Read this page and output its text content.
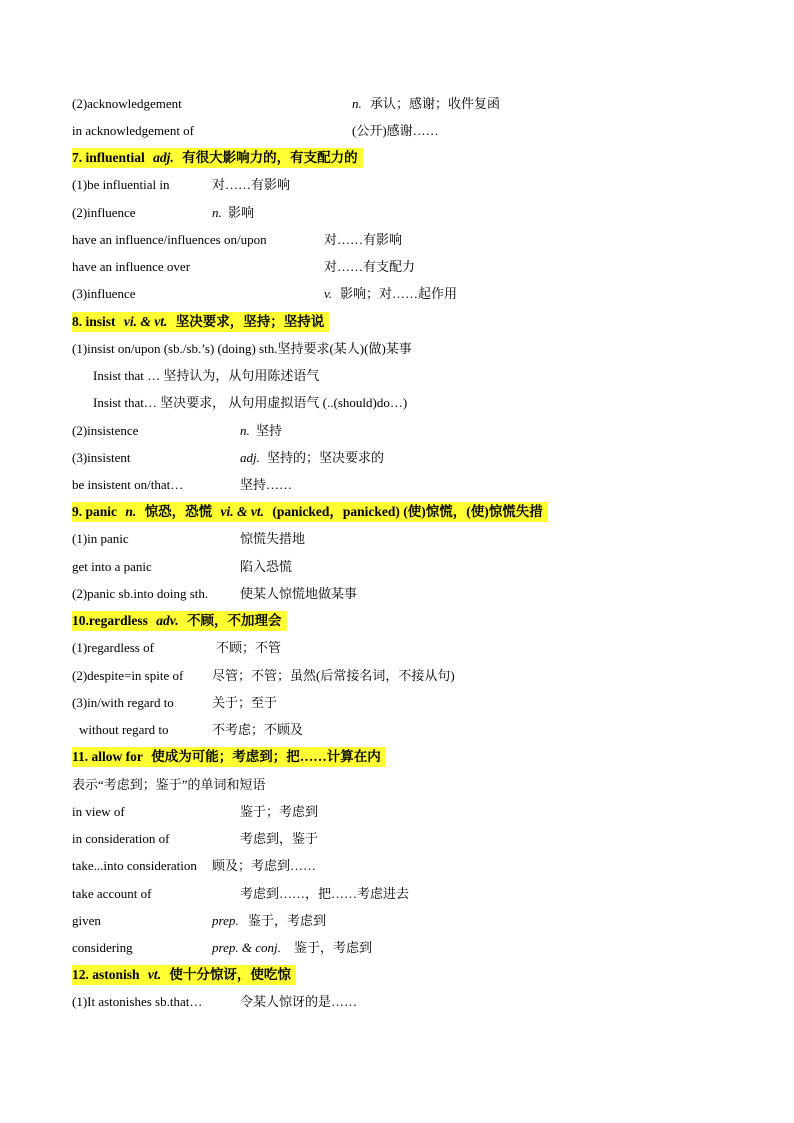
(2)acknowledgement	n. 承认；感谢；收件复函
in acknowledgement of	(公开)感谢……
7. influential adj. 有很大影响力的，有支配力的
(1)be influential in	对……有影响
(2)influence	n. 影响
have an influence/influences on/upon	对……有影响
have an influence over	对……有支配力
(3)influence	v. 影响；对……起作用
8. insist vi. & vt. 坚决要求，坚持；坚持说
(1)insist on/upon (sb./sb.’s) (doing) sth.坚持要求(某人)(做)某事
Insist that … 坚持认为，从句用陈述语气
Insist that… 坚决要求， 从句用虚拟语气 (..(should)do…)
(2)insistence	n. 坚持
(3)insistent	adj. 坚持的；坚决要求的
be insistent on/that…	坚持……
9. panic n. 惊恐，恐慌 vi. & vt. (panicked，panicked) (使)惊慌，(使)惊慌失措
(1)in panic	惊慌失措地
get into a panic	陷入恐慌
(2)panic sb.into doing sth. 使某人惊慌地做某事
10.regardless adv. 不顾，不加理会
(1)regardless of	不顾；不管
(2)despite=in spite of 尽管；不管；虽然(后常接名词，不接从句)
(3)in/with regard to	关于；至于
without regard to	不考虑；不顾及
11. allow for 使成为可能；考虑到；把……计算在内
表示“考虑到；鉴于”的单词和短语
in view of	鉴于；考虑到
in consideration of	考虑到，鉴于
take...into consideration 顾及；考虑到……
take account of	考虑到……，把……考虑进去
given	prep. 鉴于，考虑到
considering	prep. & conj. 鉴于，考虑到
12. astonish vt. 使十分惊讶，使吃惊
(1)It astonishes sb.that…	令某人惊讶的是……
